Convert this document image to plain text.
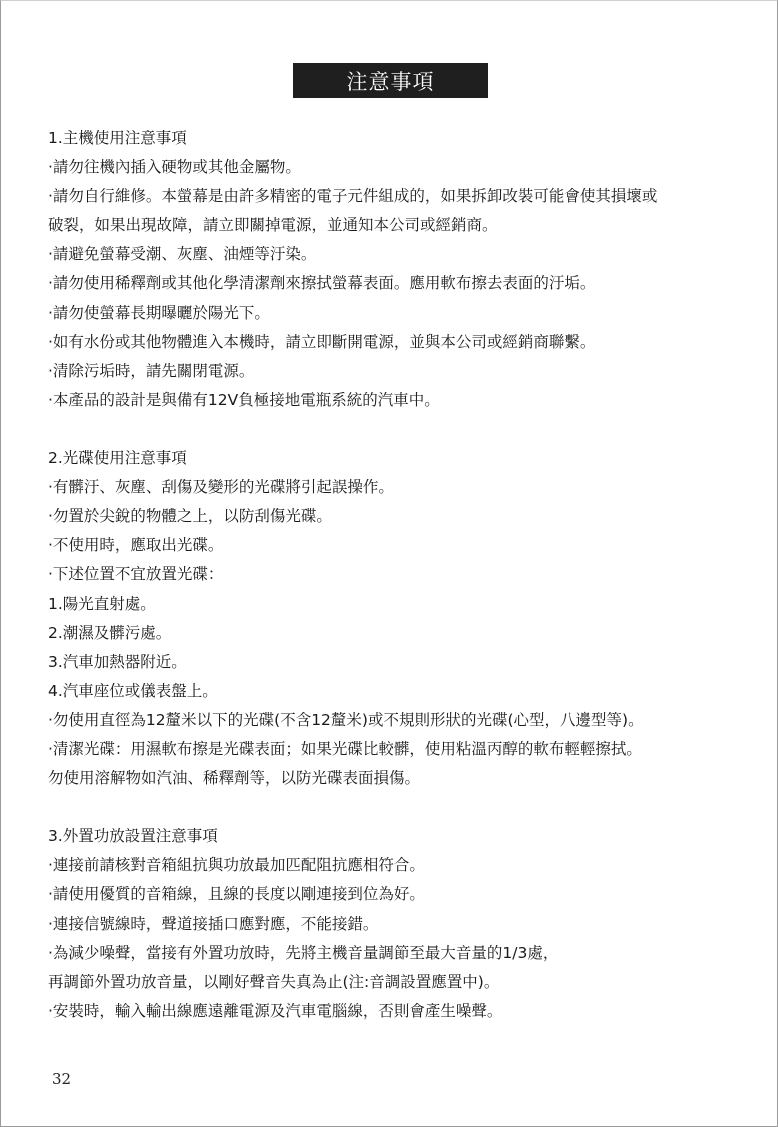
注意事項
1.主機使用注意事項
·請勿往機內插入硬物或其他金屬物。
·請勿自行維修。本螢幕是由許多精密的電子元件組成的，如果拆卸改裝可能會使其損壞或
破裂，如果出現故障，請立即關掉電源，並通知本公司或經銷商。
·請避免螢幕受潮、灰塵、油煙等汙染。
·請勿使用稀釋劑或其他化學清潔劑來擦拭螢幕表面。應用軟布擦去表面的汙垢。
·請勿使螢幕長期曝曬於陽光下。
·如有水份或其他物體進入本機時，請立即斷開電源，並與本公司或經銷商聯繫。
·清除污垢時，請先關閉電源。
·本產品的設計是與備有12V負極接地電瓶系統的汽車中。
2.光碟使用注意事項
·有髒汙、灰塵、刮傷及變形的光碟將引起誤操作。
·勿置於尖銳的物體之上，以防刮傷光碟。
·不使用時，應取出光碟。
·下述位置不宜放置光碟：
1.陽光直射處。
2.潮濕及髒污處。
3.汽車加熱器附近。
4.汽車座位或儀表盤上。
·勿使用直徑為12釐米以下的光碟(不含12釐米)或不規則形狀的光碟(心型，八邊型等)。
·清潔光碟：用濕軟布擦是光碟表面；如果光碟比較髒，使用粘溫丙醇的軟布輕輕擦拭。
勿使用溶解物如汽油、稀釋劑等，以防光碟表面損傷。
3.外置功放設置注意事項
·連接前請核對音箱組抗與功放最加匹配阻抗應相符合。
·請使用優質的音箱線，且線的長度以剛連接到位為好。
·連接信號線時，聲道接插口應對應，不能接錯。
·為減少噪聲，當接有外置功放時，先將主機音量調節至最大音量的1/3處，
再調節外置功放音量，以剛好聲音失真為止(注:音調設置應置中)。
·安裝時，輸入輸出線應遠離電源及汽車電腦線，否則會產生噪聲。
32
